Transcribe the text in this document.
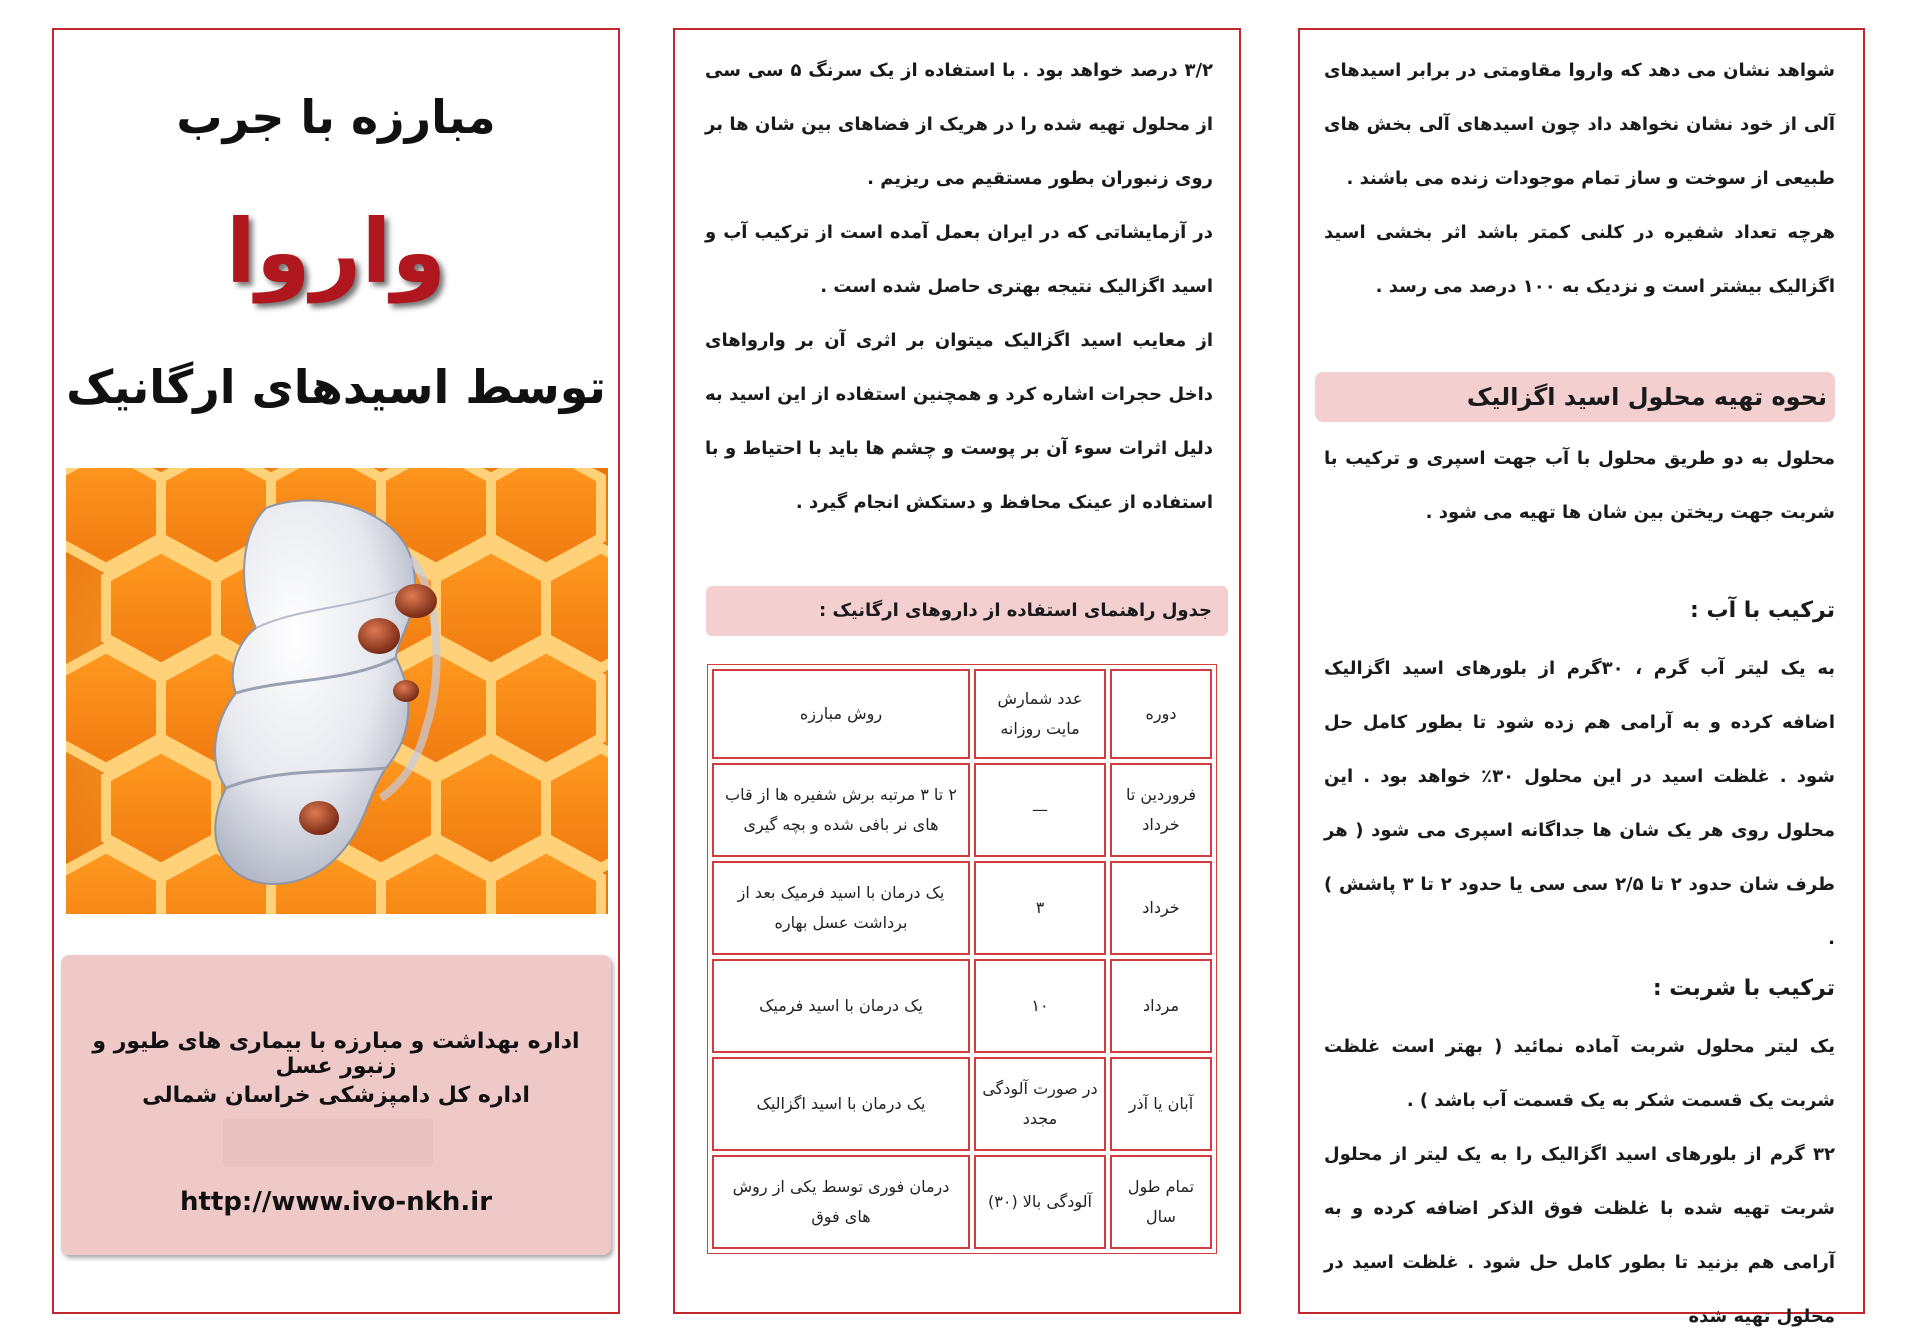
مبارزه با جرب
واروا
توسط اسیدهای ارگانیک
اداره بهداشت و مبارزه با بیماری های طیور و زنبور عسل
اداره کل دامپزشکی خراسان شمالی
http://www.ivo-nkh.ir

۳/۲ درصد خواهد بود . با استفاده از یک سرنگ ۵ سی سی از محلول تهیه شده را در هریک از فضاهای بین شان ها بر روی زنبوران بطور مستقیم می ریزیم .

در آزمایشاتی که در ایران بعمل آمده است از ترکیب آب و اسید اگزالیک نتیجه بهتری حاصل شده است .

از معایب اسید اگزالیک میتوان بر اثری آن بر وارواهای داخل حجرات اشاره کرد و همچنین استفاده از این اسید به دلیل اثرات سوء آن بر پوست و چشم ها باید با احتیاط و با استفاده از عینک محافظ و دستکش انجام گیرد .

جدول راهنمای استفاده از داروهای ارگانیک :
دوره	عدد شمارش مایت روزانه	روش مبارزه
فروردین تا خرداد	—	۲ تا ۳ مرتبه برش شفیره ها از قاب های نر بافی شده و بچه گیری
خرداد	۳	یک درمان با اسید فرمیک بعد از برداشت عسل بهاره
مرداد	۱۰	یک درمان با اسید فرمیک
آبان یا آذر	در صورت آلودگی مجدد	یک درمان با اسید اگزالیک
تمام طول سال	آلودگی بالا (۳۰)	درمان فوری توسط یکی از روش های فوق

شواهد نشان می دهد که واروا مقاومتی در برابر اسیدهای آلی از خود نشان نخواهد داد چون اسیدهای آلی بخش های طبیعی از سوخت و ساز تمام موجودات زنده می باشند .

هرچه تعداد شفیره در کلنی کمتر باشد اثر بخشی اسید اگزالیک بیشتر است و نزدیک به ۱۰۰ درصد می رسد .

نحوه تهیه محلول اسید اگزالیک

محلول به دو طریق محلول با آب جهت اسپری و ترکیب با شربت جهت ریختن بین شان ها تهیه می شود .

ترکیب با آب :

به یک لیتر آب گرم ، ۳۰گرم از بلورهای اسید اگزالیک اضافه کرده و به آرامی هم زده شود تا بطور کامل حل شود . غلظت اسید در این محلول ۳۰٪ خواهد بود . این محلول روی هر یک شان ها جداگانه اسپری می شود ( هر طرف شان حدود ۲ تا ۲/۵ سی سی یا حدود ۲ تا ۳ پاشش ) .

ترکیب با شربت :

یک لیتر محلول شربت آماده نمائید ( بهتر است غلظت شربت یک قسمت شکر به یک قسمت آب باشد ) .

۳۲ گرم از بلورهای اسید اگزالیک را به یک لیتر از محلول شربت تهیه شده با غلظت فوق الذکر اضافه کرده و به آرامی هم بزنید تا بطور کامل حل شود . غلظت اسید در محلول تهیه شده
